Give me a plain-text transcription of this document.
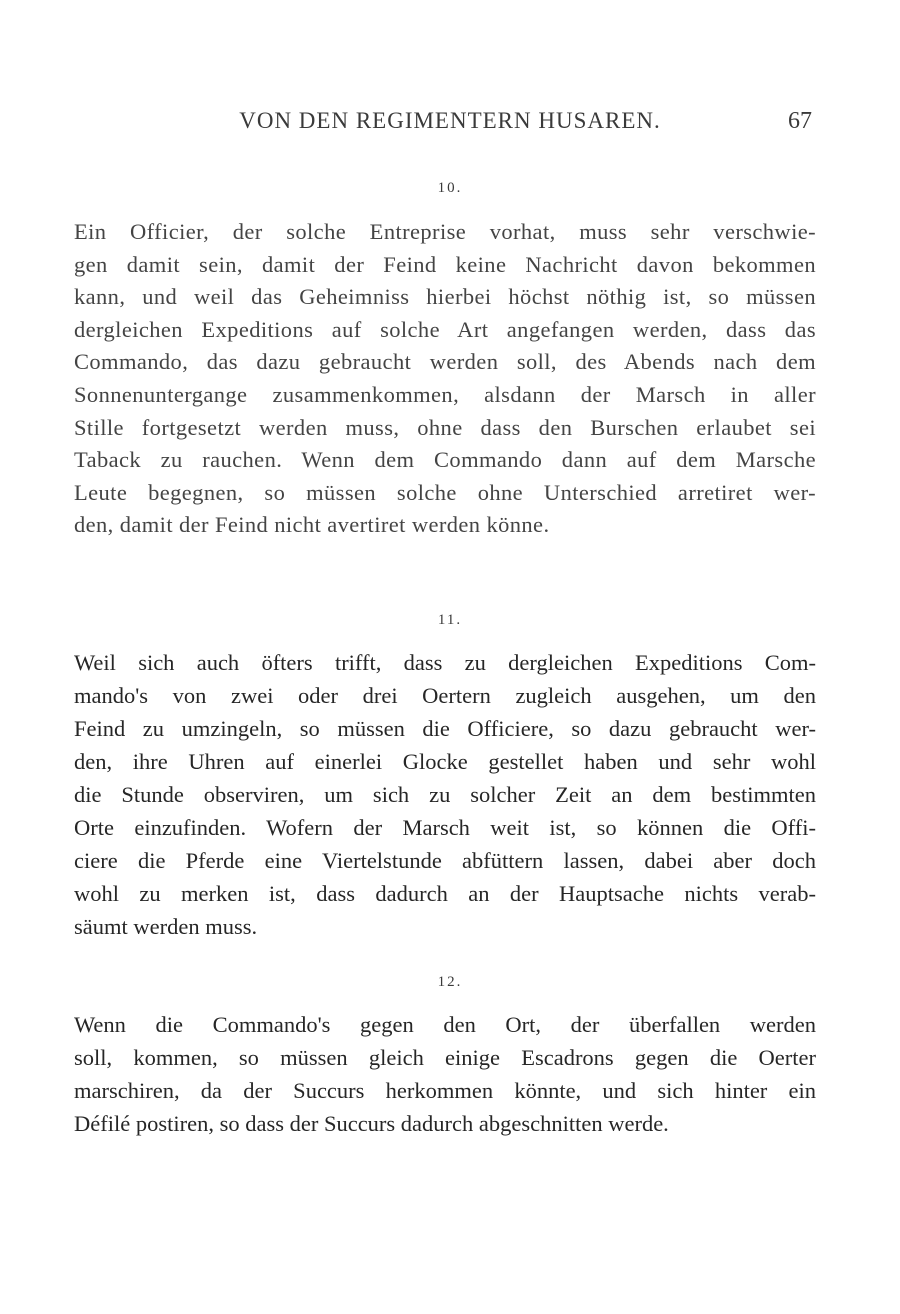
VON DEN REGIMENTERN HUSAREN.	67
10.
Ein Officier, der solche Entreprise vorhat, muss sehr verschwie-
gen damit sein, damit der Feind keine Nachricht davon bekommen
kann, und weil das Geheimniss hierbei höchst nöthig ist, so müssen
dergleichen Expeditions auf solche Art angefangen werden, dass das
Commando, das dazu gebraucht werden soll, des Abends nach dem
Sonnenuntergange zusammenkommen, alsdann der Marsch in aller
Stille fortgesetzt werden muss, ohne dass den Burschen erlaubet sei
Taback zu rauchen. Wenn dem Commando dann auf dem Marsche
Leute begegnen, so müssen solche ohne Unterschied arretiret wer-
den, damit der Feind nicht avertiret werden könne.
11.
Weil sich auch öfters trifft, dass zu dergleichen Expeditions Com-
mando's von zwei oder drei Oertern zugleich ausgehen, um den
Feind zu umzingeln, so müssen die Officiere, so dazu gebraucht wer-
den, ihre Uhren auf einerlei Glocke gestellet haben und sehr wohl
die Stunde observiren, um sich zu solcher Zeit an dem bestimmten
Orte einzufinden. Wofern der Marsch weit ist, so können die Offi-
ciere die Pferde eine Viertelstunde abfüttern lassen, dabei aber doch
wohl zu merken ist, dass dadurch an der Hauptsache nichts verab-
säumt werden muss.
12.
Wenn die Commando's gegen den Ort, der überfallen werden
soll, kommen, so müssen gleich einige Escadrons gegen die Oerter
marschiren, da der Succurs herkommen könnte, und sich hinter ein
Défilé postiren, so dass der Succurs dadurch abgeschnitten werde.
